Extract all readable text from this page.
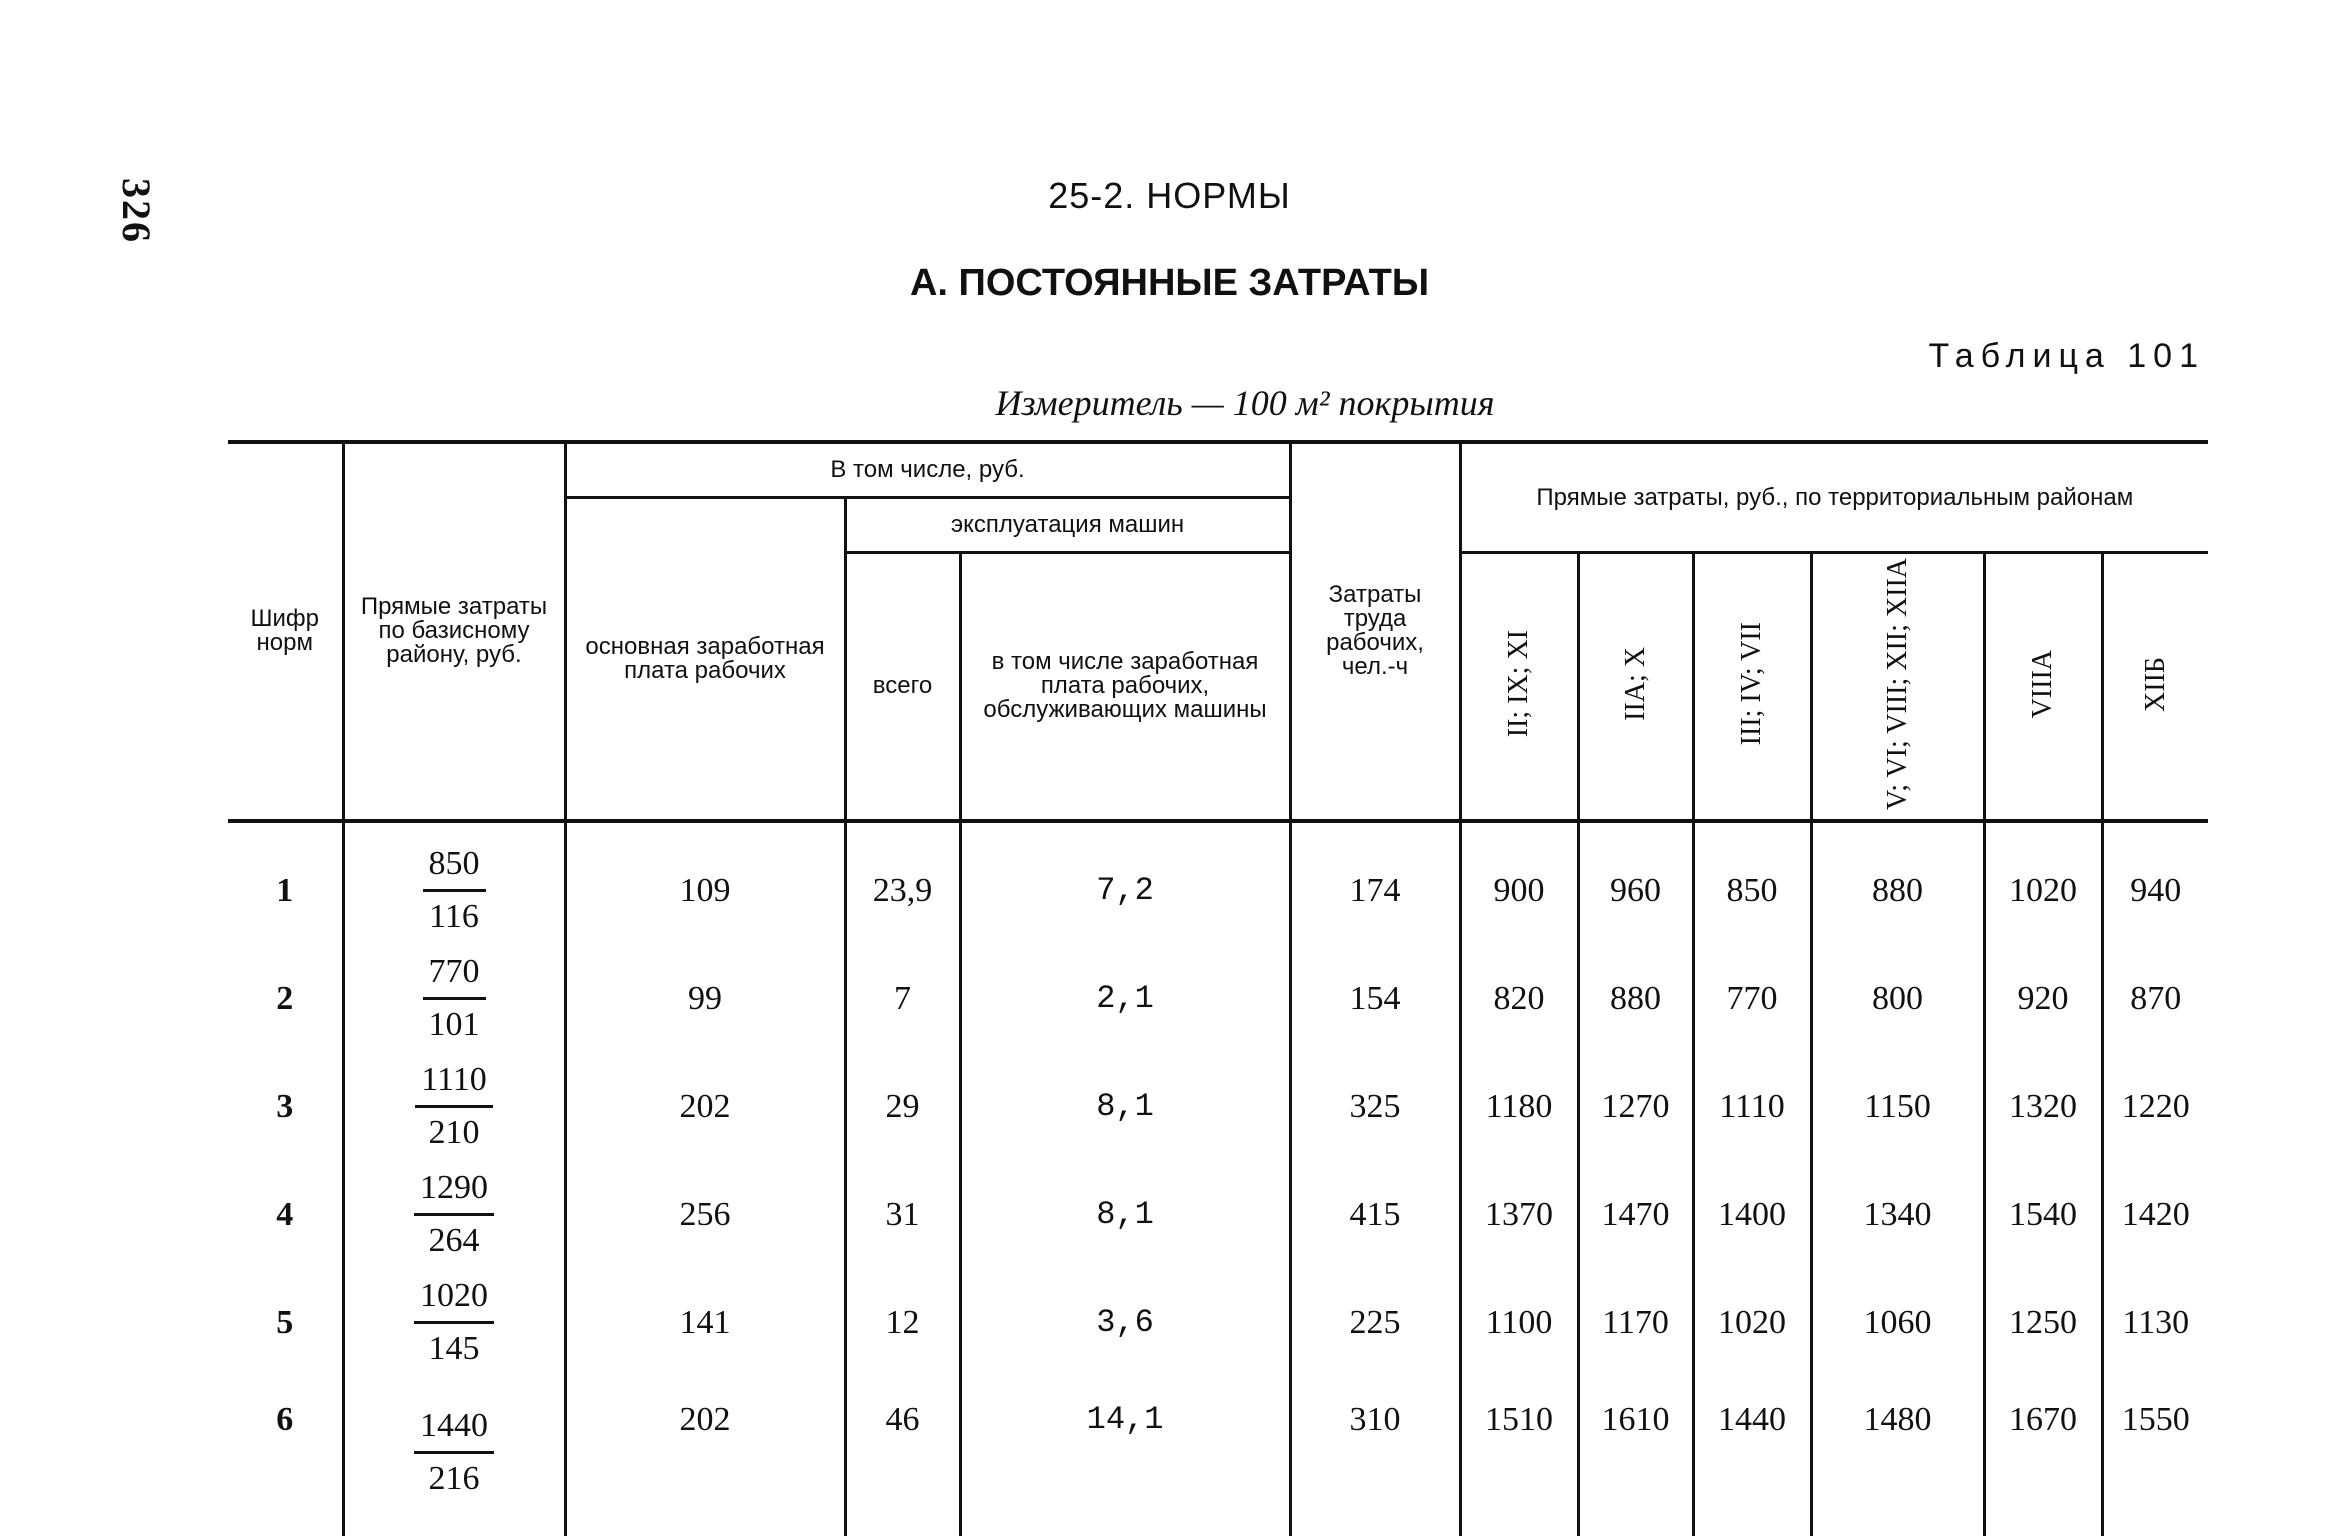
326	25-2. НОРМЫ
А. ПОСТОЯННЫЕ ЗАТРАТЫ
Таблица 101
Измеритель — 100 м² покрытия
Шифр норм	Прямые затраты по базисному району, руб.	В том числе, руб.			Затраты труда рабочих, чел.-ч	Прямые затраты, руб., по территориальным районам					
		основная заработная плата рабочих	эксплуатация машин								
			всего	в том числе заработная плата рабочих, обслуживающих машины		II; IX; XI	IIА; X	III; IV; VII	V; VI; VIII; XII; XIIА	VIIIА	XIIБ
1	$\frac{850}{116}$	109	23,9	7,2	174	900	960	850	880	1020	940
2	$\frac{770}{101}$	99	7	2,1	154	820	880	770	800	920	870
3	$\frac{1110}{210}$	202	29	8,1	325	1180	1270	1110	1150	1320	1220
4	$\frac{1290}{264}$	256	31	8,1	415	1370	1470	1400	1340	1540	1420
5	$\frac{1020}{145}$	141	12	3,6	225	1100	1170	1020	1060	1250	1130
6	$\frac{1440}{216}$	202	46	14,1	310	1510	1610	1440	1480	1670	1550
